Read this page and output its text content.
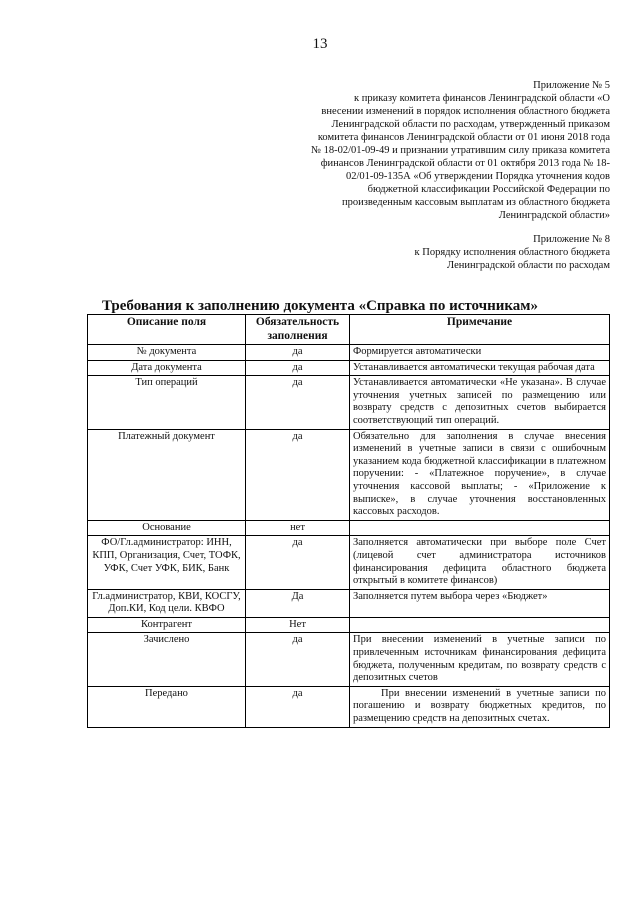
13
Приложение № 5
к приказу комитета финансов Ленинградской области «О внесении изменений в порядок исполнения областного бюджета Ленинградской области по расходам, утвержденный приказом комитета финансов Ленинградской области от 01 июня 2018 года № 18-02/01-09-49 и признании утратившим силу приказа комитета финансов Ленинградской области от 01 октября 2013 года № 18-02/01-09-135А «Об утверждении Порядка уточнения кодов бюджетной классификации Российской Федерации по произведенным кассовым выплатам из областного бюджета Ленинградской области»
Приложение № 8
к Порядку исполнения областного бюджета Ленинградской области по расходам
Требования к заполнению документа «Справка по источникам»
Описание поля	Обязательность заполнения	Примечание
№ документа	да	Формируется автоматически
Дата документа	да	Устанавливается автоматически текущая рабочая дата
Тип операций	да	Устанавливается автоматически «Не указана». В случае уточнения учетных записей по размещению или возврату средств с депозитных счетов выбирается соответствующий тип операций.
Платежный документ	да	Обязательно для заполнения в случае внесения изменений в учетные записи в связи с ошибочным указанием кода бюджетной классификации в платежном поручении: - «Платежное поручение», в случае уточнения кассовой выплаты; - «Приложение к выписке», в случае уточнения восстановленных кассовых расходов.
Основание	нет	
ФО/Гл.администратор: ИНН, КПП, Организация, Счет, ТОФК, УФК, Счет УФК, БИК, Банк	да	Заполняется автоматически при выборе поле Счет (лицевой счет администратора источников финансирования дефицита областного бюджета открытый в комитете финансов)
Гл.администратор, КВИ, КОСГУ, Доп.КИ, Код цели. КВФО	Да	Заполняется путем выбора через «Бюджет»
Контрагент	Нет	
Зачислено	да	При внесении изменений в учетные записи по привлеченным источникам финансирования дефицита бюджета, полученным кредитам, по возврату средств с депозитных счетов
Передано	да	При внесении изменений в учетные записи по погашению и возврату бюджетных кредитов, по размещению средств на депозитных счетах.
